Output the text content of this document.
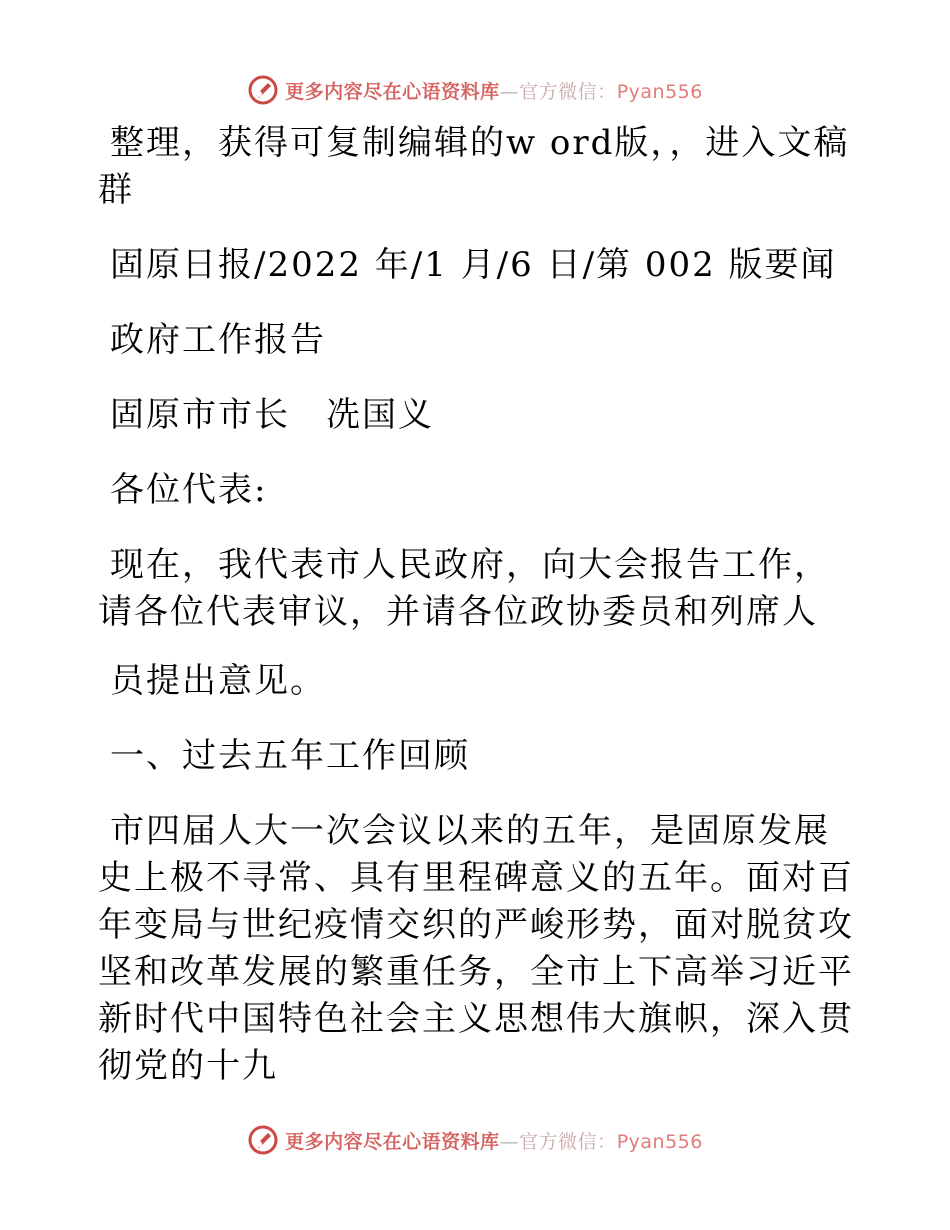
更多内容尽在心语资料库—官方微信：Pyan556

整理，获得可复制编辑的w ord版，，进入文稿群

固原日报/2022 年/1 月/6 日/第 002 版要闻

政府工作报告

固原市市长　冼国义

各位代表:

现在，我代表市人民政府，向大会报告工作，请各位代表审议，并请各位政协委员和列席人

员提出意见。

一、过去五年工作回顾

市四届人大一次会议以来的五年，是固原发展史上极不寻常、具有里程碑意义的五年。面对百年变局与世纪疫情交织的严峻形势，面对脱贫攻坚和改革发展的繁重任务，全市上下高举习近平新时代中国特色社会主义思想伟大旗帜，深入贯彻党的十九

更多内容尽在心语资料库—官方微信：Pyan556
